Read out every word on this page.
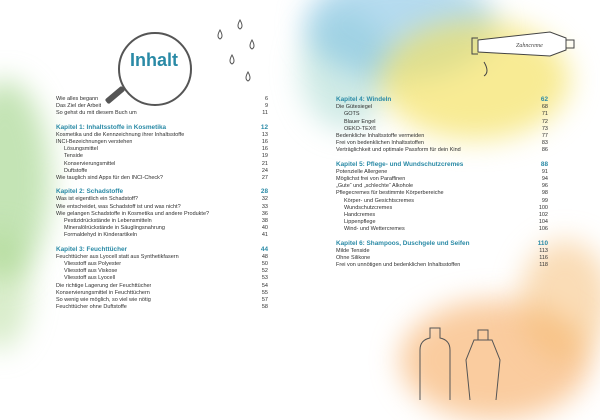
Inhalt
Zahncreme
Wie alles begann	6
Das Ziel der Arbeit	9
So gehst du mit diesem Buch um	11
Kapitel 1: Inhaltsstoffe in Kosmetika	12
Kosmetika und die Kennzeichnung ihrer Inhaltsstoffe	13
INCI-Bezeichnungen verstehen	16
Lösungsmittel	16
Tenside	19
Konservierungsmittel	21
Duftstoffe	24
Wie tauglich sind Apps für den INCI-Check?	27
Kapitel 2: Schadstoffe	28
Was ist eigentlich ein Schadstoff?	32
Wie entscheidet, was Schadstoff ist und was nicht?	33
Wie gelangen Schadstoffe in Kosmetika und andere Produkte?	36
Pestizidrückstände in Lebensmitteln	38
Mineralölrückstände in Säuglingsnahrung	40
Formaldehyd in Kinderartikeln	41
Kapitel 3: Feuchttücher	44
Feuchttücher aus Lyocell statt aus Synthetikfasern	48
Vliesstoff aus Polyester	50
Vliesstoff aus Viskose	52
Vliesstoff aus Lyocell	53
Die richtige Lagerung der Feuchttücher	54
Konservierungsmittel in Feuchttüchern	55
So wenig wie möglich, so viel wie nötig	57
Feuchttücher ohne Duftstoffe	58
Kapitel 4: Windeln	62
Die Gütesiegel	68
GOTS	71
Blauer Engel	72
OEKO-TEX®	73
Bedenkliche Inhaltsstoffe vermeiden	77
Frei von bedenklichen Inhaltsstoffen	83
Verträglichkeit und optimale Passform für dein Kind	86
Kapitel 5: Pflege- und Wundschutzcremes	88
Potenzielle Allergene	91
Möglichst frei von Paraffinen	94
„Gute“ und „schlechte“ Alkohole	96
Pflegecremes für bestimmte Körperbereiche	98
Körper- und Gesichtscremes	99
Wundschutzcremes	100
Handcremes	102
Lippenpflege	104
Wind- und Wettercremes	106
Kapitel 6: Shampoos, Duschgele und Seifen	110
Milde Tenside	113
Ohne Silikone	116
Frei von unnötigen und bedenklichen Inhaltsstoffen	118
